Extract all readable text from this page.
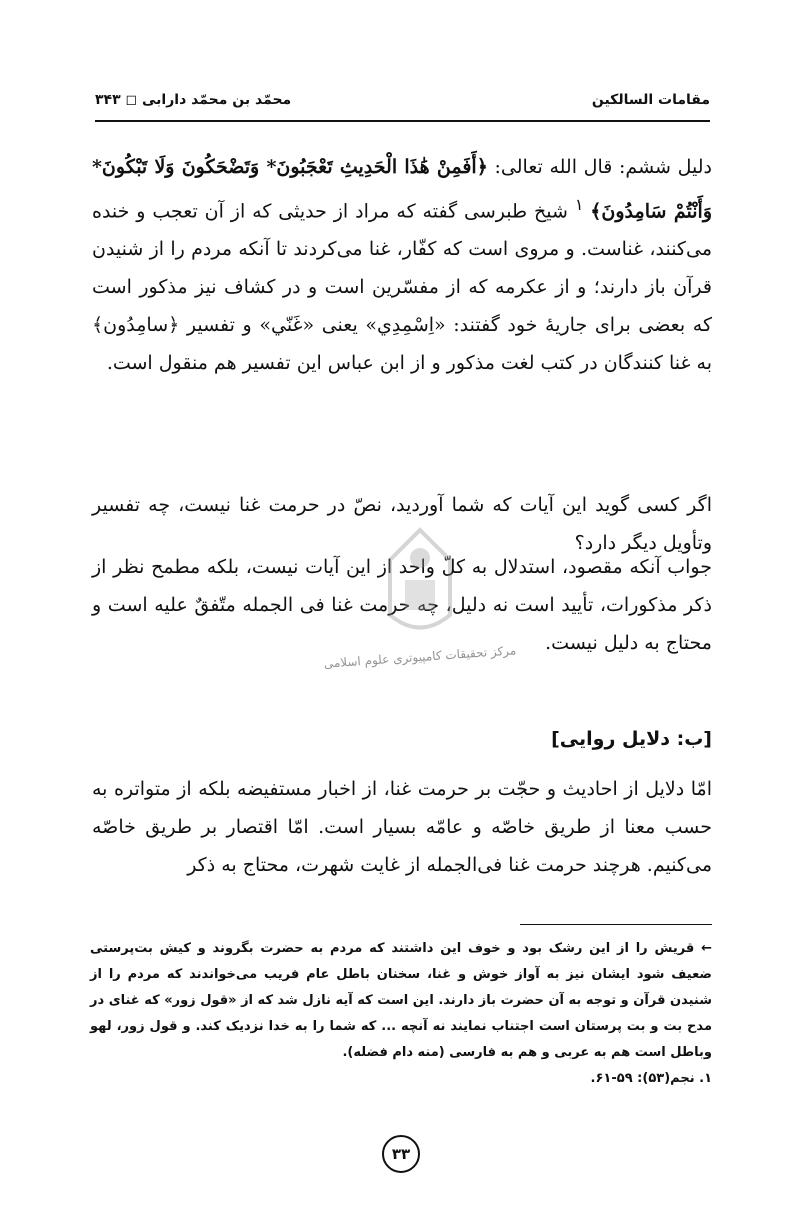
مقامات السالکین
محمّد بن محمّد دارابی ◻ ۳۴۳

دلیل ششم: قال الله تعالی: ﴿أَفَمِنْ هَٰذَا الْحَدِيثِ تَعْجَبُونَ* وَتَضْحَكُونَ وَلَا تَبْكُونَ* وَأَنْتُمْ سَامِدُونَ﴾ $^۱$ شیخ طبرسی گفته که مراد از حدیثی که از آن تعجب و خنده می‌کنند، غناست. و مروی است که کفّار، غنا می‌کردند تا آنکه مردم را از شنیدن قرآن باز دارند؛ و از عکرمه که از مفسّرین است و در کشاف نیز مذکور است که بعضی برای جاریهٔ خود گفتند: «اِسْمِدِي» یعنی «غَنّي» و تفسیر ﴿سامِدُون﴾ به غنا کنندگان در کتب لغت مذکور و از ابن عباس این تفسیر هم منقول است.

اگر کسی گوید این آیات که شما آوردید، نصّ در حرمت غنا نیست، چه تفسیر وتأویل دیگر دارد؟

جواب آنکه مقصود، استدلال به کلّ واحد از این آیات نیست، بلکه مطمح نظر از ذکر مذکورات، تأیید است نه دلیل، چه حرمت غنا فی الجمله متّفقٌ علیه است و محتاج به دلیل نیست.

مرکز تحقیقات کامپیوتری علوم اسلامی
[ب: دلایل روایی]

امّا دلایل از احادیث و حجّت بر حرمت غنا، از اخبار مستفیضه بلکه از متواتره به حسب معنا از طریق خاصّه و عامّه بسیار است. امّا اقتصار بر طریق خاصّه می‌کنیم. هرچند حرمت غنا فی‌الجمله از غایت شهرت، محتاج به ذکر

← قریش را از این رشک بود و خوف این داشتند که مردم به حضرت بگروند و کیش بت‌پرستی ضعیف شود ایشان نیز به آواز خوش و غنا، سخنان باطل عام فریب می‌خواندند که مردم را از شنیدن قرآن و توجه به آن حضرت باز دارند. این است که آیه نازل شد که از «قول زور» که غنای در مدح بت و بت پرستان است اجتناب نمایند نه آنچه ... که شما را به خدا نزدیک کند. و قول زور، لهو وباطل است هم به عربی و هم به فارسی (منه دام فضله).

۱. نجم(۵۳): ۵۹-۶۱.

۳۳
